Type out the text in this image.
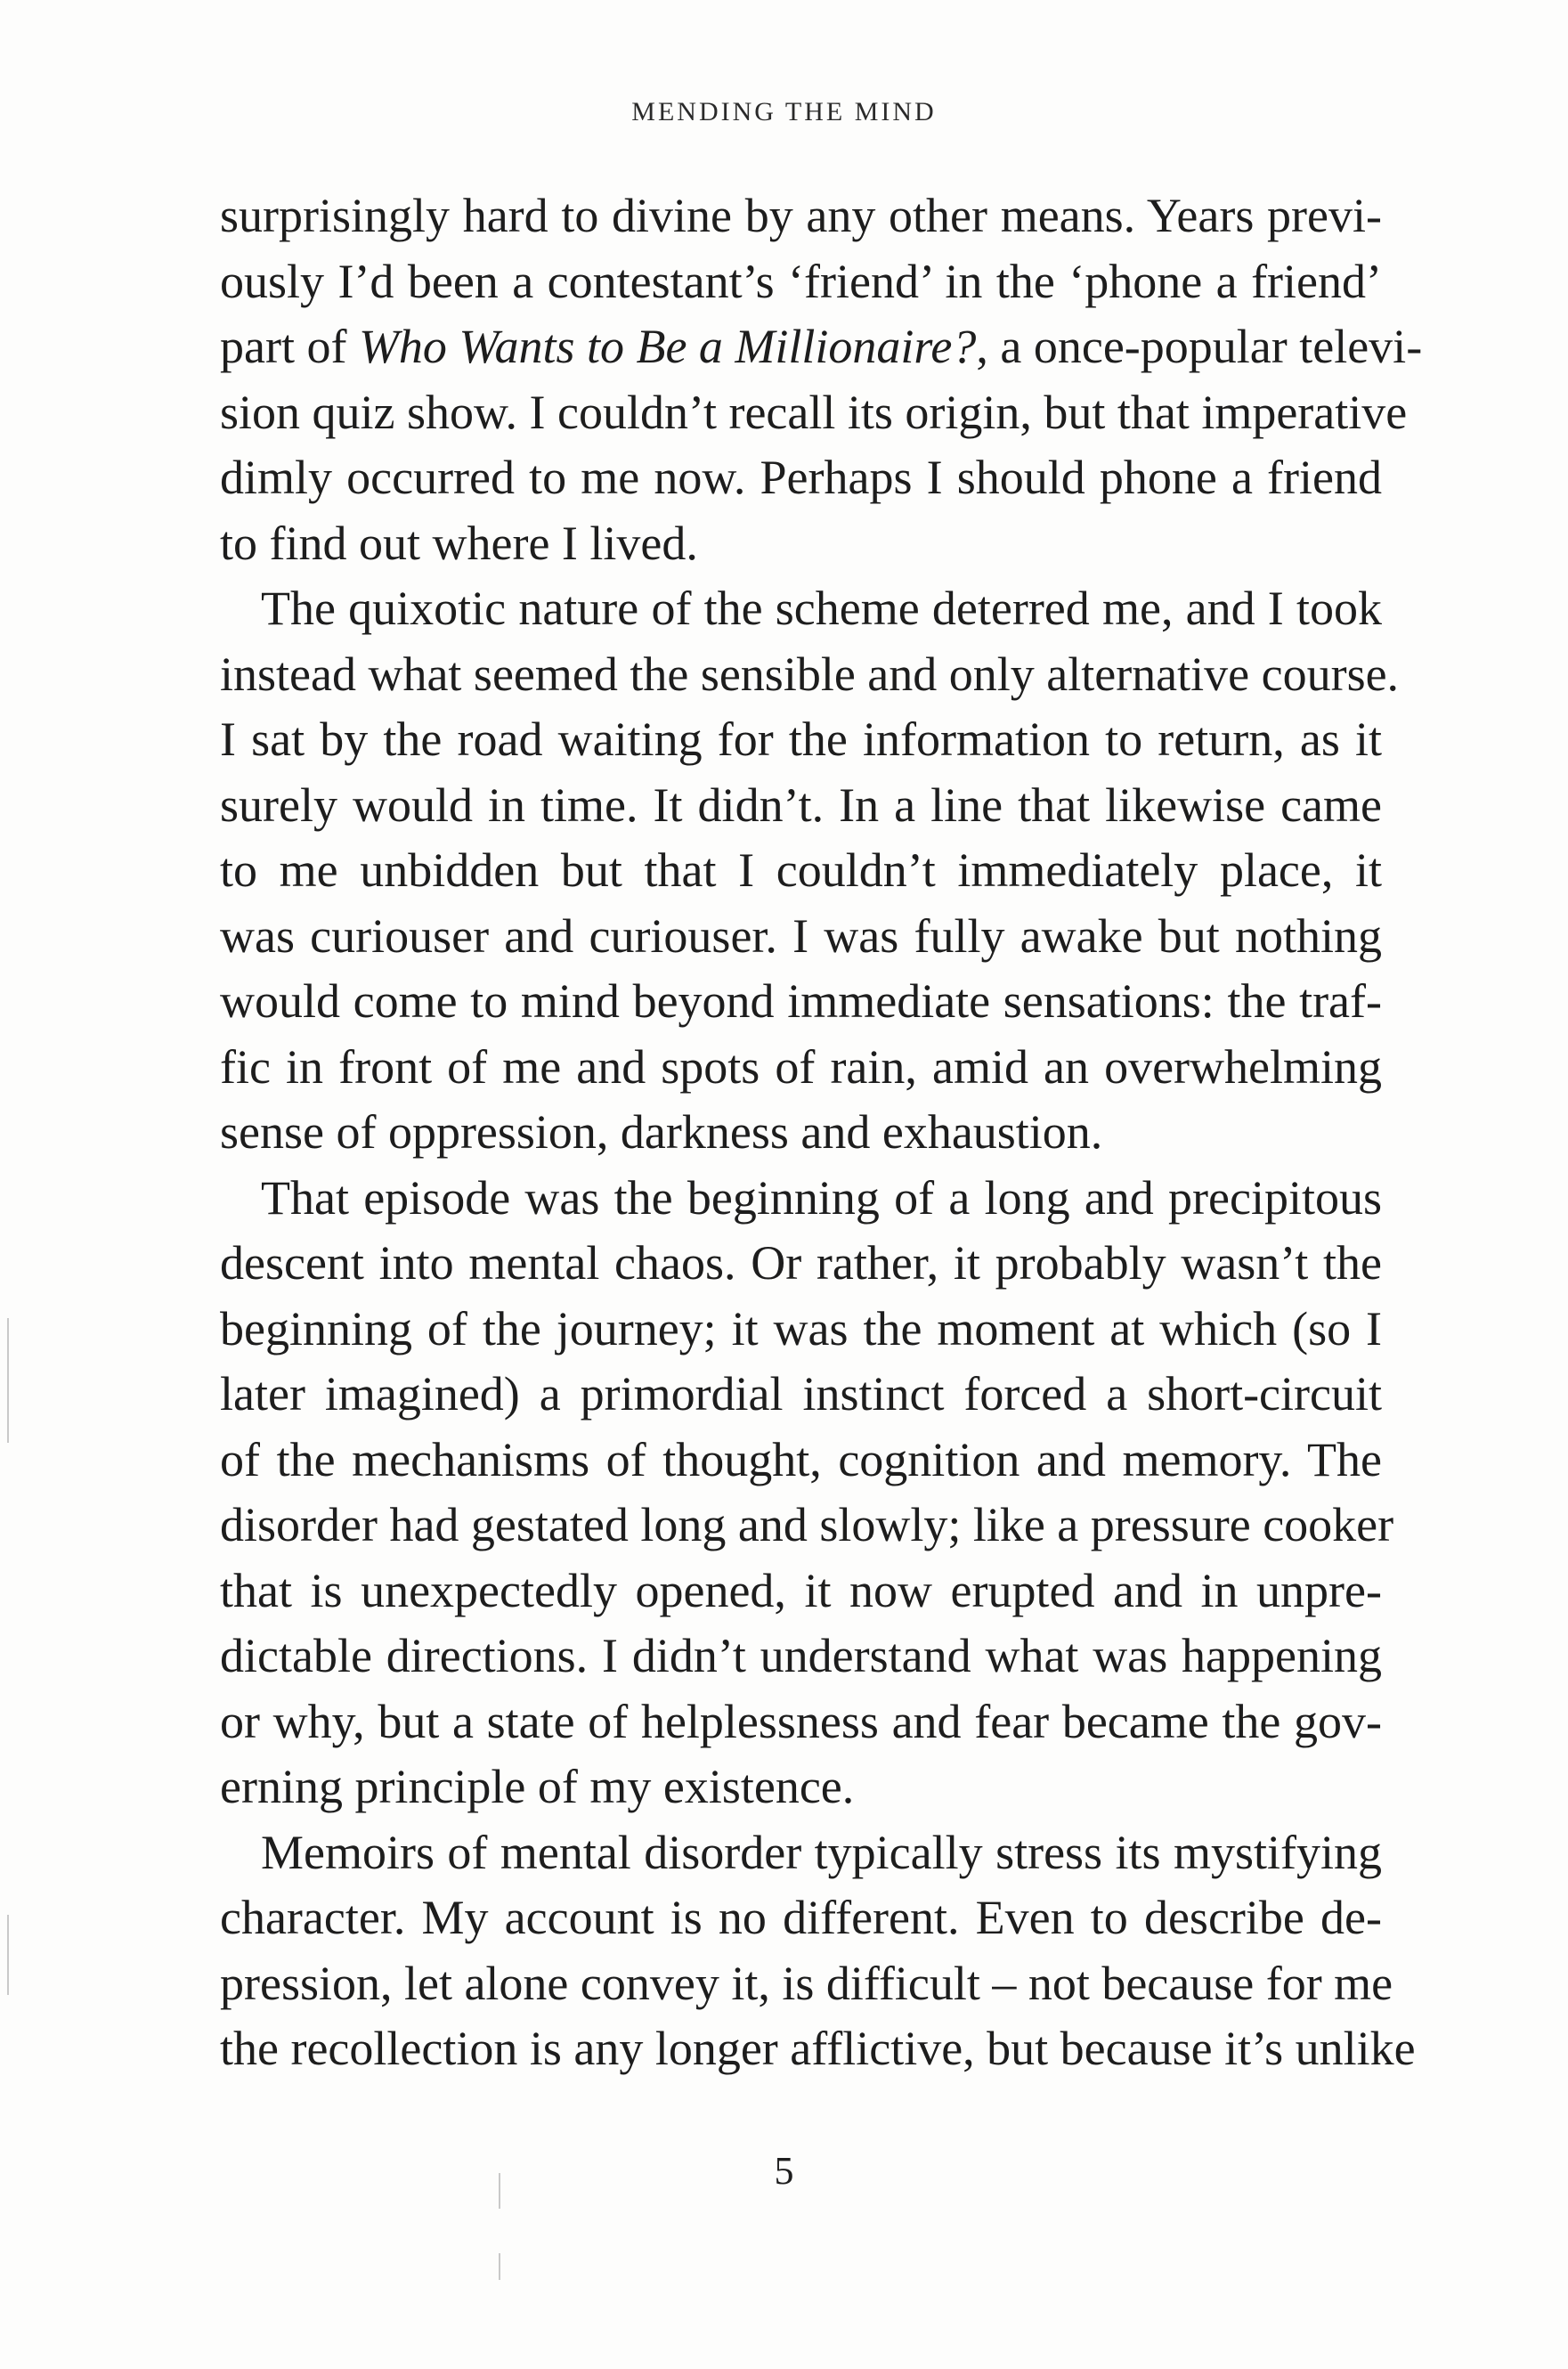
MENDING THE MIND
surprisingly hard to divine by any other means. Years previ-
ously I’d been a contestant’s ‘friend’ in the ‘phone a friend’
part of Who Wants to Be a Millionaire?, a once-popular televi-
sion quiz show. I couldn’t recall its origin, but that imperative
dimly occurred to me now. Perhaps I should phone a friend
to find out where I lived.
The quixotic nature of the scheme deterred me, and I took
instead what seemed the sensible and only alternative course.
I sat by the road waiting for the information to return, as it
surely would in time. It didn’t. In a line that likewise came
to me unbidden but that I couldn’t immediately place, it
was curiouser and curiouser. I was fully awake but nothing
would come to mind beyond immediate sensations: the traf-
fic in front of me and spots of rain, amid an overwhelming
sense of oppression, darkness and exhaustion.
That episode was the beginning of a long and precipitous
descent into mental chaos. Or rather, it probably wasn’t the
beginning of the journey; it was the moment at which (so I
later imagined) a primordial instinct forced a short-circuit
of the mechanisms of thought, cognition and memory. The
disorder had gestated long and slowly; like a pressure cooker
that is unexpectedly opened, it now erupted and in unpre-
dictable directions. I didn’t understand what was happening
or why, but a state of helplessness and fear became the gov-
erning principle of my existence.
Memoirs of mental disorder typically stress its mystifying
character. My account is no different. Even to describe de-
pression, let alone convey it, is difficult – not because for me
the recollection is any longer afflictive, but because it’s unlike
5
